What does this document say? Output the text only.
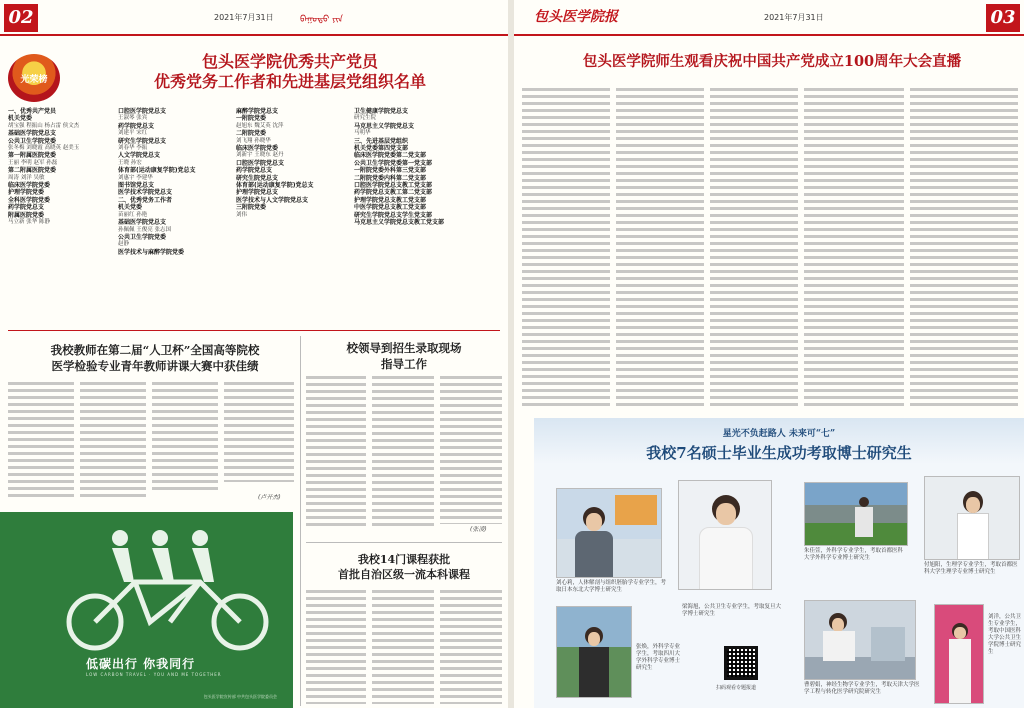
02	2021年7月31日	ᠪᠠᠭᠤᠲᠤ ᠶᠢᠨ
光荣榜
包头医学院优秀共产党员
优秀党务工作者和先进基层党组织名单
一、优秀共产党员
机关党委
胡宝强 程振山 杨占雷 侯文杰
基础医学院党总支
公共卫生学院党委
张冬梅 刘晓霞 高晓英 赵美玉
第一附属医院党委
王丽 李明 赵军 孙磊
第二附属医院党委
周涛 刘洋 吴敏
临床医学院党委
护理学院党委
全科医学院党委
药学院党总支
附属医院党委
马立新 张华 陈静
口腔医学院党总支
王淑琴 张宾
药学院党总支
刘建平 宋红
研究生学院党总支
刘春华 李振
人文学院党总支
王晓 孙宏
体育部(运动康复学院)党总支
刘惠宇 李建华
图书馆党总支
医学技术学院党总支
二、优秀党务工作者
机关党委
苗丽红 孙艳
基础医学院党总支
孙佩佩 王俊亮 张志国
公共卫生学院党委
赵静
医学技术与麻醉学院党委
麻醉学院党总支
一附院党委
赵旭东 魏艾英 沈萍
二附院党委
刘飞翔 孙晓华
临床医学院党委
刘新宇 王晓东 赵丹
口腔医学院党总支
药学院党总支
研究生院党总支
体育部(运动康复学院)党总支
护理学院党总支
医学技术与人文学院党总支
三附院党委
刘伟
卫生健康学院党总支
研究生院
马克思主义学院党总支
马明华
三、先进基层党组织
机关党委第四党支部
临床医学院党委第二党支部
公共卫生学院党委第一党支部
一附院党委外科第三党支部
二附院党委内科第二党支部
口腔医学院党总支教工党支部
药学院党总支教工第二党支部
护理学院党总支教工党支部
中医学院党总支教工党支部
研究生学院党总支学生党支部
马克思主义学院党总支教工党支部
我校教师在第二届“人卫杯”全国高等院校
医学检验专业青年教师讲课大赛中获佳绩
(卢开杰)
校领导到招生录取现场
指导工作
(张凌)
我校14门课程获批
首批自治区级一流本科课程
低碳出行 你我同行
LOW CARBON TRAVEL · YOU AND ME TOGETHER
包头医学院宣传部 中共包头医学院委员会
包头医学院报	2021年7月31日	03
包头医学院师生观看庆祝中国共产党成立100周年大会直播
星光不负赶路人 未来可“七”
我校7名硕士毕业生成功考取博士研究生
刘心莉，人体解剖与组织胚胎学专业学生，考取日本东北大学博士研究生
梁海旭，公共卫生专业学生，考取复旦大学博士研究生
朱佳萱，外科学专业学生，考取首都医科大学外科学专业博士研究生
付旭阳，生理学专业学生，考取首都医科大学生理学专业博士研究生
张焕，外科学专业学生，考取四川大学外科学专业博士研究生
扫码观看专题报道	曹碧娟，神经生物学专业学生，考取天津大学医学工程与转化医学研究院研究生
刘洋，公共卫生专业学生，考取中国医科大学公共卫生学院博士研究生
